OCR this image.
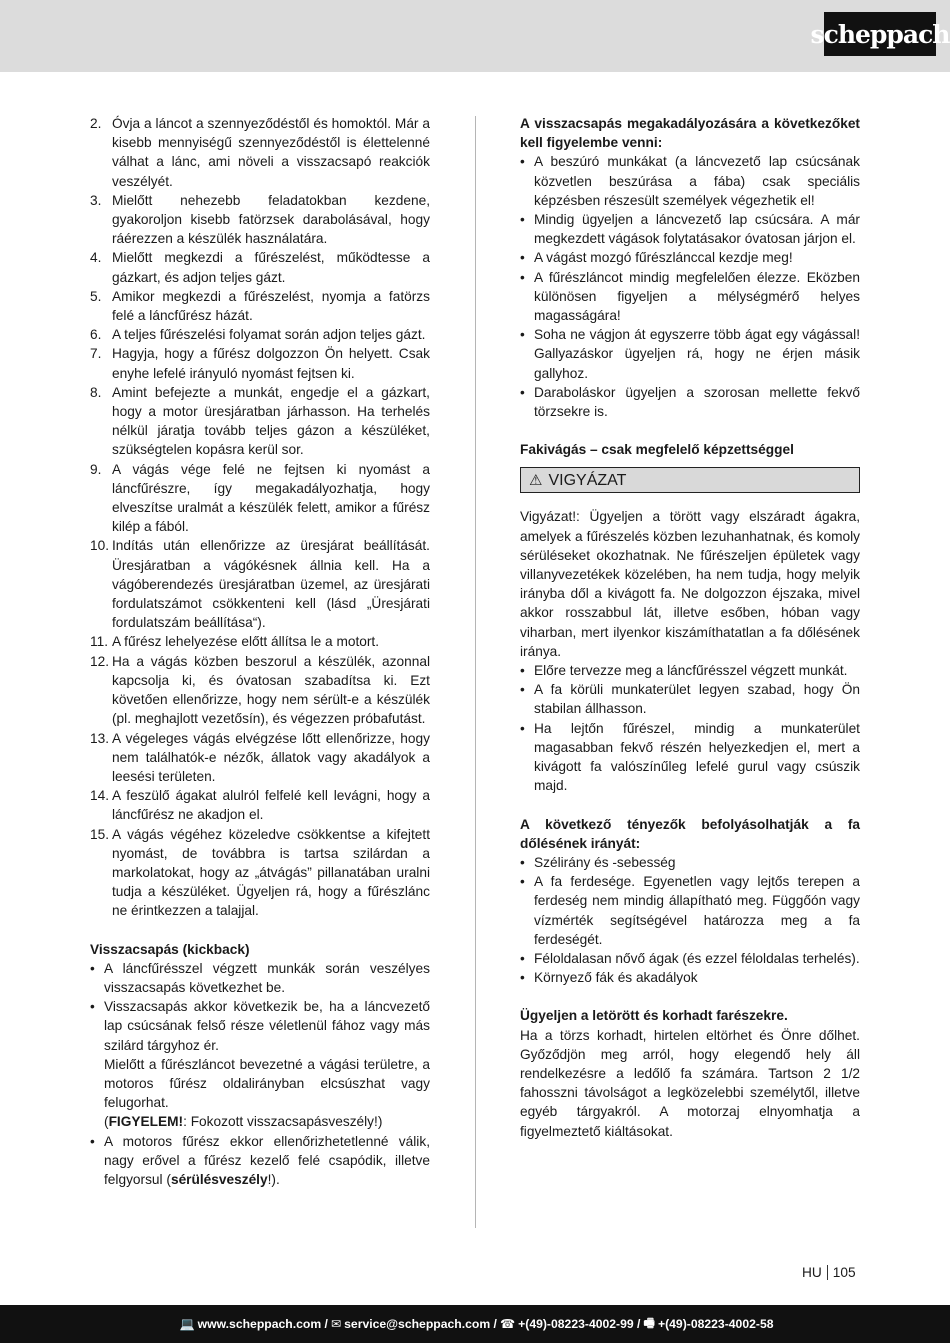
scheppach
2. Óvja a láncot a szennyeződéstől és homoktól. Már a kisebb mennyiségű szennyeződéstől is élettelenné válhat a lánc, ami növeli a visszacsapó reakciók veszélyét.
3. Mielőtt nehezebb feladatokban kezdene, gyakoroljon kisebb fatörzsek darabolásával, hogy ráérezzen a készülék használatára.
4. Mielőtt megkezdi a fűrészelést, működtesse a gázkart, és adjon teljes gázt.
5. Amikor megkezdi a fűrészelést, nyomja a fatörzs felé a láncfűrész házát.
6. A teljes fűrészelési folyamat során adjon teljes gázt.
7. Hagyja, hogy a fűrész dolgozzon Ön helyett. Csak enyhe lefelé irányuló nyomást fejtsen ki.
8. Amint befejezte a munkát, engedje el a gázkart, hogy a motor üresjáratban járhasson. Ha terhelés nélkül járatja tovább teljes gázon a készüléket, szükségtelen kopásra kerül sor.
9. A vágás vége felé ne fejtsen ki nyomást a láncfűrészre, így megakadályozhatja, hogy elveszítse uralmát a készülék felett, amikor a fűrész kilép a fából.
10. Indítás után ellenőrizze az üresjárat beállítását. Üresjáratban a vágókésnek állnia kell. Ha a vágóberendezés üresjáratban üzemel, az üresjárati fordulatszámot csökkenteni kell (lásd „Üresjárati fordulatszám beállítása“).
11. A fűrész lehelyezése előtt állítsa le a motort.
12. Ha a vágás közben beszorul a készülék, azonnal kapcsolja ki, és óvatosan szabadítsa ki. Ezt követően ellenőrizze, hogy nem sérült-e a készülék (pl. meghajlott vezetősín), és végezzen próbafutást.
13. A végeleges vágás elvégzése lőtt ellenőrizze, hogy nem találhatók-e nézők, állatok vagy akadályok a leesési területen.
14. A feszülő ágakat alulról felfelé kell levágni, hogy a láncfűrész ne akadjon el.
15. A vágás végéhez közeledve csökkentse a kifejtett nyomást, de továbbra is tartsa szilárdan a markolatokat, hogy az „átvágás” pillanatában uralni tudja a készüléket. Ügyeljen rá, hogy a fűrészlánc ne érintkezzen a talajjal.
Visszacsapás (kickback)
• A láncfűrésszel végzett munkák során veszélyes visszacsapás következhet be.
• Visszacsapás akkor következik be, ha a láncvezető lap csúcsának felső része véletlenül fához vagy más szilárd tárgyhoz ér.
Mielőtt a fűrészláncot bevezetné a vágási területre, a motoros fűrész oldalirányban elcsúszhat vagy felugorhat.
(FIGYELEM!: Fokozott visszacsapásveszély!)
• A motoros fűrész ekkor ellenőrizhetetlenné válik, nagy erővel a fűrész kezelő felé csapódik, illetve felgyorsul (sérülésveszély!).
A visszacsapás megakadályozására a következőket kell figyelembe venni:
• A beszúró munkákat (a láncvezető lap csúcsának közvetlen beszúrása a fába) csak speciális képzésben részesült személyek végezhetik el!
• Mindig ügyeljen a láncvezető lap csúcsára. A már megkezdett vágások folytatásakor óvatosan járjon el.
• A vágást mozgó fűrészlánccal kezdje meg!
• A fűrészláncot mindig megfelelően élezze. Eközben különösen figyeljen a mélységmérő helyes magasságára!
• Soha ne vágjon át egyszerre több ágat egy vágással! Gallyazáskor ügyeljen rá, hogy ne érjen másik gallyhoz.
• Daraboláskor ügyeljen a szorosan mellette fekvő törzsekre is.
Fakivágás – csak megfelelő képzettséggel
⚠ VIGYÁZAT
Vigyázat!: Ügyeljen a törött vagy elszáradt ágakra, amelyek a fűrészelés közben lezuhanhatnak, és komoly sérüléseket okozhatnak. Ne fűrészeljen épületek vagy villanyvezetékek közelében, ha nem tudja, hogy melyik irányba dől a kivágott fa. Ne dolgozzon éjszaka, mivel akkor rosszabbul lát, illetve esőben, hóban vagy viharban, mert ilyenkor kiszámíthatatlan a fa dőlésének iránya.
• Előre tervezze meg a láncfűrésszel végzett munkát.
• A fa körüli munkaterület legyen szabad, hogy Ön stabilan állhasson.
• Ha lejtőn fűrészel, mindig a munkaterület magasabban fekvő részén helyezkedjen el, mert a kivágott fa valószínűleg lefelé gurul vagy csúszik majd.
A következő tényezők befolyásolhatják a fa dőlésének irányát:
• Szélirány és -sebesség
• A fa ferdesége. Egyenetlen vagy lejtős terepen a ferdeség nem mindig állapítható meg. Függőón vagy vízmérték segítségével határozza meg a fa ferdeségét.
• Féloldalasan nővő ágak (és ezzel féloldalas terhelés).
• Környező fák és akadályok
Ügyeljen a letörött és korhadt farészekre.
Ha a törzs korhadt, hirtelen eltörhet és Önre dőlhet. Győződjön meg arról, hogy elegendő hely áll rendelkezésre a ledőlő fa számára. Tartson 2 1/2 fahosszni távolságot a legközelebbi személytől, illetve egyéb tárgyakról. A motorzaj elnyomhatja a figyelmeztető kiáltásokat.
HU 105
💻 www.scheppach.com / ✉ service@scheppach.com / ☎ +(49)-08223-4002-99 / 🖷 +(49)-08223-4002-58
